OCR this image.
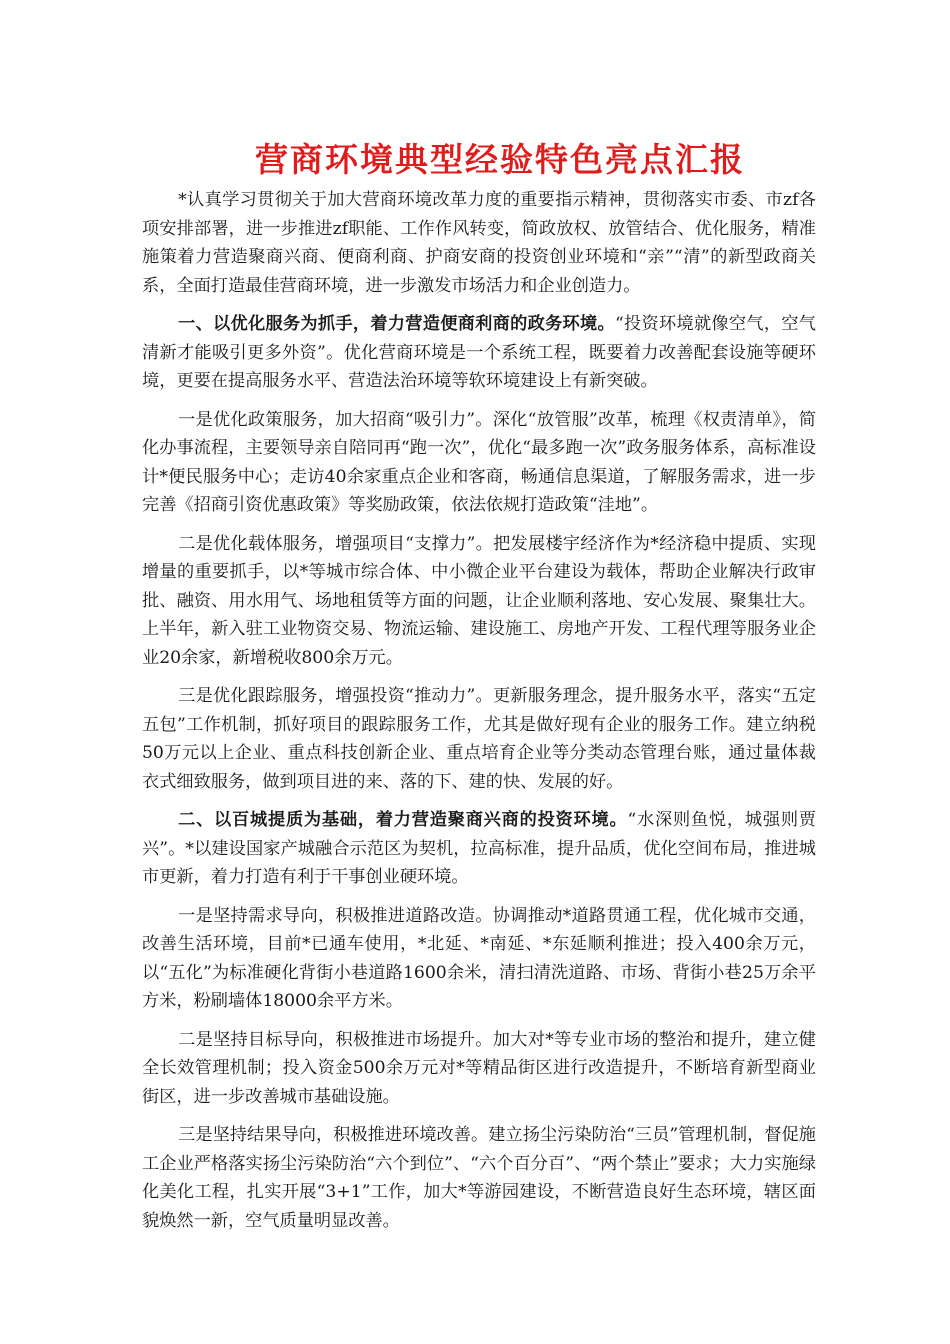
营商环境典型经验特色亮点汇报

*认真学习贯彻关于加大营商环境改革力度的重要指示精神，贯彻落实市委、市zf各项安排部署，进一步推进zf职能、工作作风转变，简政放权、放管结合、优化服务，精准施策着力营造聚商兴商、便商利商、护商安商的投资创业环境和“亲”“清”的新型政商关系，全面打造最佳营商环境，进一步激发市场活力和企业创造力。

一、以优化服务为抓手，着力营造便商利商的政务环境。“投资环境就像空气，空气清新才能吸引更多外资”。优化营商环境是一个系统工程，既要着力改善配套设施等硬环境，更要在提高服务水平、营造法治环境等软环境建设上有新突破。

一是优化政策服务，加大招商“吸引力”。深化“放管服”改革，梳理《权责清单》，简化办事流程，主要领导亲自陪同再“跑一次”，优化“最多跑一次”政务服务体系，高标准设计*便民服务中心；走访40余家重点企业和客商，畅通信息渠道，了解服务需求，进一步完善《招商引资优惠政策》等奖励政策，依法依规打造政策“洼地”。

二是优化载体服务，增强项目“支撑力”。把发展楼宇经济作为*经济稳中提质、实现增量的重要抓手，以*等城市综合体、中小微企业平台建设为载体，帮助企业解决行政审批、融资、用水用气、场地租赁等方面的问题，让企业顺利落地、安心发展、聚集壮大。上半年，新入驻工业物资交易、物流运输、建设施工、房地产开发、工程代理等服务业企业20余家，新增税收800余万元。

三是优化跟踪服务，增强投资“推动力”。更新服务理念，提升服务水平，落实“五定五包”工作机制，抓好项目的跟踪服务工作，尤其是做好现有企业的服务工作。建立纳税50万元以上企业、重点科技创新企业、重点培育企业等分类动态管理台账，通过量体裁衣式细致服务，做到项目进的来、落的下、建的快、发展的好。

二、以百城提质为基础，着力营造聚商兴商的投资环境。“水深则鱼悦，城强则贾兴”。*以建设国家产城融合示范区为契机，拉高标准，提升品质，优化空间布局，推进城市更新，着力打造有利于干事创业硬环境。

一是坚持需求导向，积极推进道路改造。协调推动*道路贯通工程，优化城市交通，改善生活环境，目前*已通车使用，*北延、*南延、*东延顺利推进；投入400余万元，以“五化”为标准硬化背街小巷道路1600余米，清扫清洗道路、市场、背街小巷25万余平方米，粉刷墙体18000余平方米。

二是坚持目标导向，积极推进市场提升。加大对*等专业市场的整治和提升，建立健全长效管理机制；投入资金500余万元对*等精品街区进行改造提升，不断培育新型商业街区，进一步改善城市基础设施。

三是坚持结果导向，积极推进环境改善。建立扬尘污染防治“三员”管理机制，督促施工企业严格落实扬尘污染防治“六个到位”、“六个百分百”、“两个禁止”要求；大力实施绿化美化工程，扎实开展“3+1”工作，加大*等游园建设，不断营造良好生态环境，辖区面貌焕然一新，空气质量明显改善。
